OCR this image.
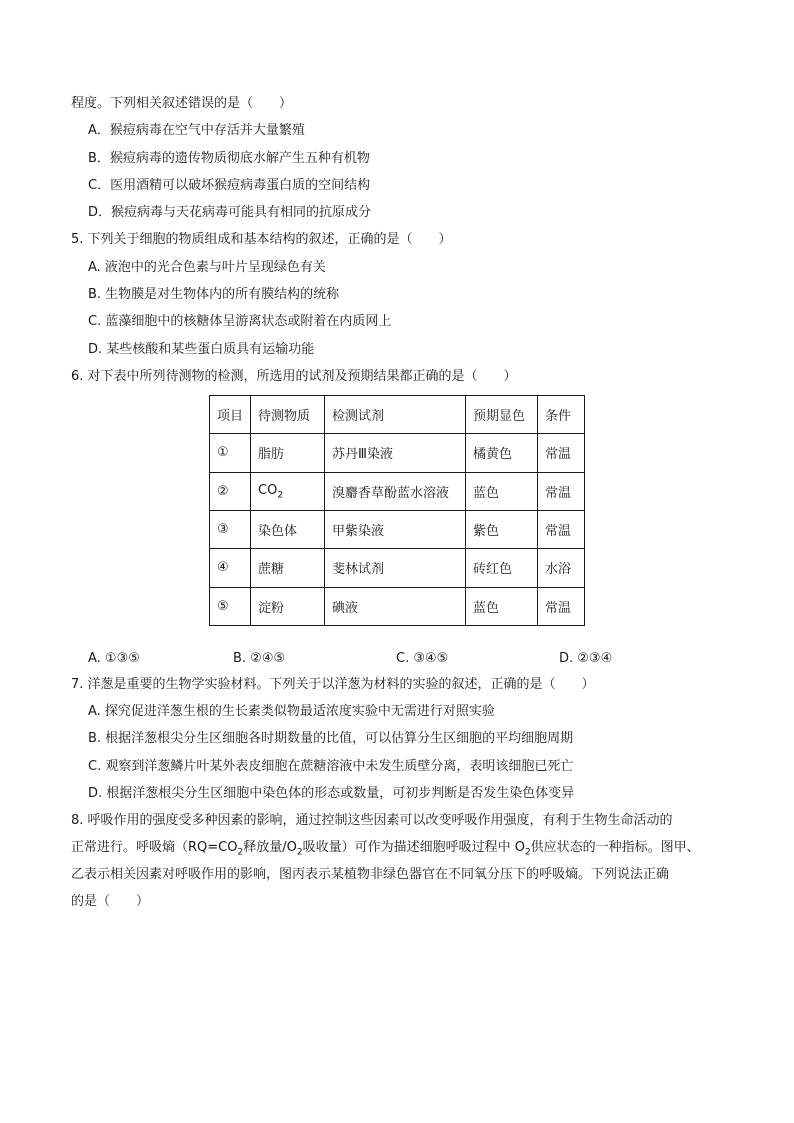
程度。下列相关叙述错误的是（　　）
A．猴痘病毒在空气中存活并大量繁殖
B．猴痘病毒的遗传物质彻底水解产生五种有机物
C．医用酒精可以破坏猴痘病毒蛋白质的空间结构
D．猴痘病毒与天花病毒可能具有相同的抗原成分
5. 下列关于细胞的物质组成和基本结构的叙述，正确的是（　　）
A. 液泡中的光合色素与叶片呈现绿色有关
B. 生物膜是对生物体内的所有膜结构的统称
C. 蓝藻细胞中的核糖体呈游离状态或附着在内质网上
D. 某些核酸和某些蛋白质具有运输功能
6. 对下表中所列待测物的检测，所选用的试剂及预期结果都正确的是（　　）
项目	待测物质	检测试剂	预期显色	条件
①	脂肪	苏丹Ⅲ染液	橘黄色	常温
②	$CO_2$	溴麝香草酚蓝水溶液	蓝色	常温
③	染色体	甲紫染液	紫色	常温
④	蔗糖	斐林试剂	砖红色	水浴
⑤	淀粉	碘液	蓝色	常温
A. ①③⑤	B. ②④⑤	C. ③④⑤	D. ②③④
7. 洋葱是重要的生物学实验材料。下列关于以洋葱为材料的实验的叙述，正确的是（　　）
A. 探究促进洋葱生根的生长素类似物最适浓度实验中无需进行对照实验
B. 根据洋葱根尖分生区细胞各时期数量的比值，可以估算分生区细胞的平均细胞周期
C. 观察到洋葱鳞片叶某外表皮细胞在蔗糖溶液中未发生质壁分离，表明该细胞已死亡
D. 根据洋葱根尖分生区细胞中染色体的形态或数量，可初步判断是否发生染色体变异
8. 呼吸作用的强度受多种因素的影响，通过控制这些因素可以改变呼吸作用强度，有利于生物生命活动的
正常进行。呼吸熵（$RQ=CO_2$释放量$/O_2$吸收量）可作为描述细胞呼吸过程中 $O_2$供应状态的一种指标。图甲、
乙表示相关因素对呼吸作用的影响，图丙表示某植物非绿色器官在不同氧分压下的呼吸熵。下列说法正确
的是（　　）
